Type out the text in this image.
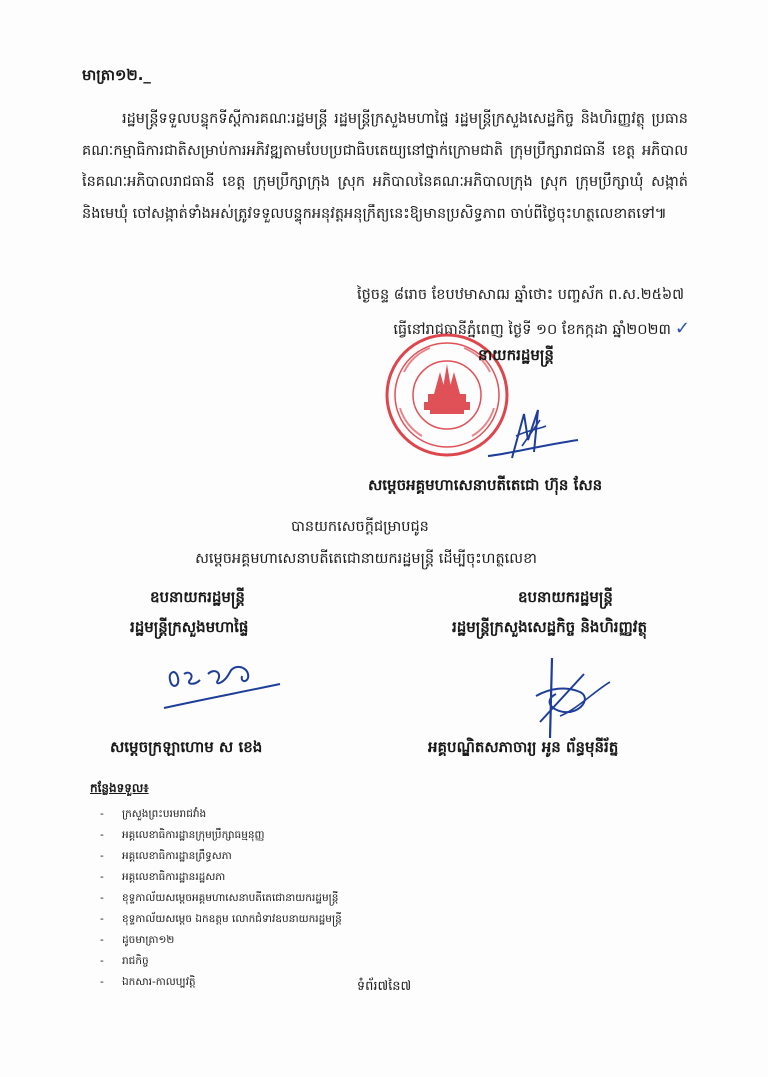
មាត្រា១២._
រដ្ឋមន្ត្រីទទួលបន្ទុកទីស្តីការគណៈរដ្ឋមន្ត្រី រដ្ឋមន្ត្រីក្រសួងមហាផ្ទៃ រដ្ឋមន្ត្រីក្រសួងសេដ្ឋកិច្ច និងហិរញ្ញវត្ថុ ប្រធានគណៈកម្មាធិការជាតិសម្រាប់ការអភិវឌ្ឍតាមបែបប្រជាធិបតេយ្យនៅថ្នាក់ក្រោមជាតិ ក្រុមប្រឹក្សារាជធានី ខេត្ត អភិបាលនៃគណៈអភិបាលរាជធានី ខេត្ត ក្រុមប្រឹក្សាក្រុង ស្រុក អភិបាលនៃគណៈអភិបាលក្រុង ស្រុក ក្រុមប្រឹក្សាឃុំ សង្កាត់ និងមេឃុំ ចៅសង្កាត់ទាំងអស់ត្រូវទទួលបន្ទុកអនុវត្តអនុក្រឹត្យនេះឱ្យមានប្រសិទ្ធភាព ចាប់ពីថ្ងៃចុះហត្ថលេខាតទៅ៕
ថ្ងៃចន្ទ ៨រោច ខែបឋមាសាឍ ឆ្នាំថោះ បញ្ចស័ក ព.ស.២៥៦៧
ធ្វើនៅរាជធានីភ្នំពេញ ថ្ងៃទី ១០ ខែកក្កដា ឆ្នាំ២០២៣ ✓
នាយករដ្ឋមន្ត្រី
សម្តេចអគ្គមហាសេនាបតីតេជោ ហ៊ុន សែន
បានយកសេចក្តីជម្រាបជូន
សម្តេចអគ្គមហាសេនាបតីតេជោនាយករដ្ឋមន្ត្រី ដើម្បីចុះហត្ថលេខា
ឧបនាយករដ្ឋមន្ត្រី
រដ្ឋមន្ត្រីក្រសួងមហាផ្ទៃ
ឧបនាយករដ្ឋមន្ត្រី
រដ្ឋមន្ត្រីក្រសួងសេដ្ឋកិច្ច និងហិរញ្ញវត្ថុ
សម្តេចក្រឡាហោម ស ខេង	អគ្គបណ្ឌិតសភាចារ្យ អូន ព័ន្ធមុនីរ័ត្ន
កន្លែងទទួល៖
- ក្រសួងព្រះបរមរាជវាំង
- អគ្គលេខាធិការដ្ឋានក្រុមប្រឹក្សាធម្មនុញ្ញ
- អគ្គលេខាធិការដ្ឋានព្រឹទ្ធសភា
- អគ្គលេខាធិការដ្ឋានរដ្ឋសភា
- ខុទ្ទកាល័យសម្តេចអគ្គមហាសេនាបតីតេជោនាយករដ្ឋមន្ត្រី
- ខុទ្ទកាល័យសម្តេច ឯកឧត្តម លោកជំទាវឧបនាយករដ្ឋមន្ត្រី
- ដូចមាត្រា១២
- រាជកិច្ច
- ឯកសារ-កាលប្បវត្តិ	ទំព័រ៧នៃ៧
